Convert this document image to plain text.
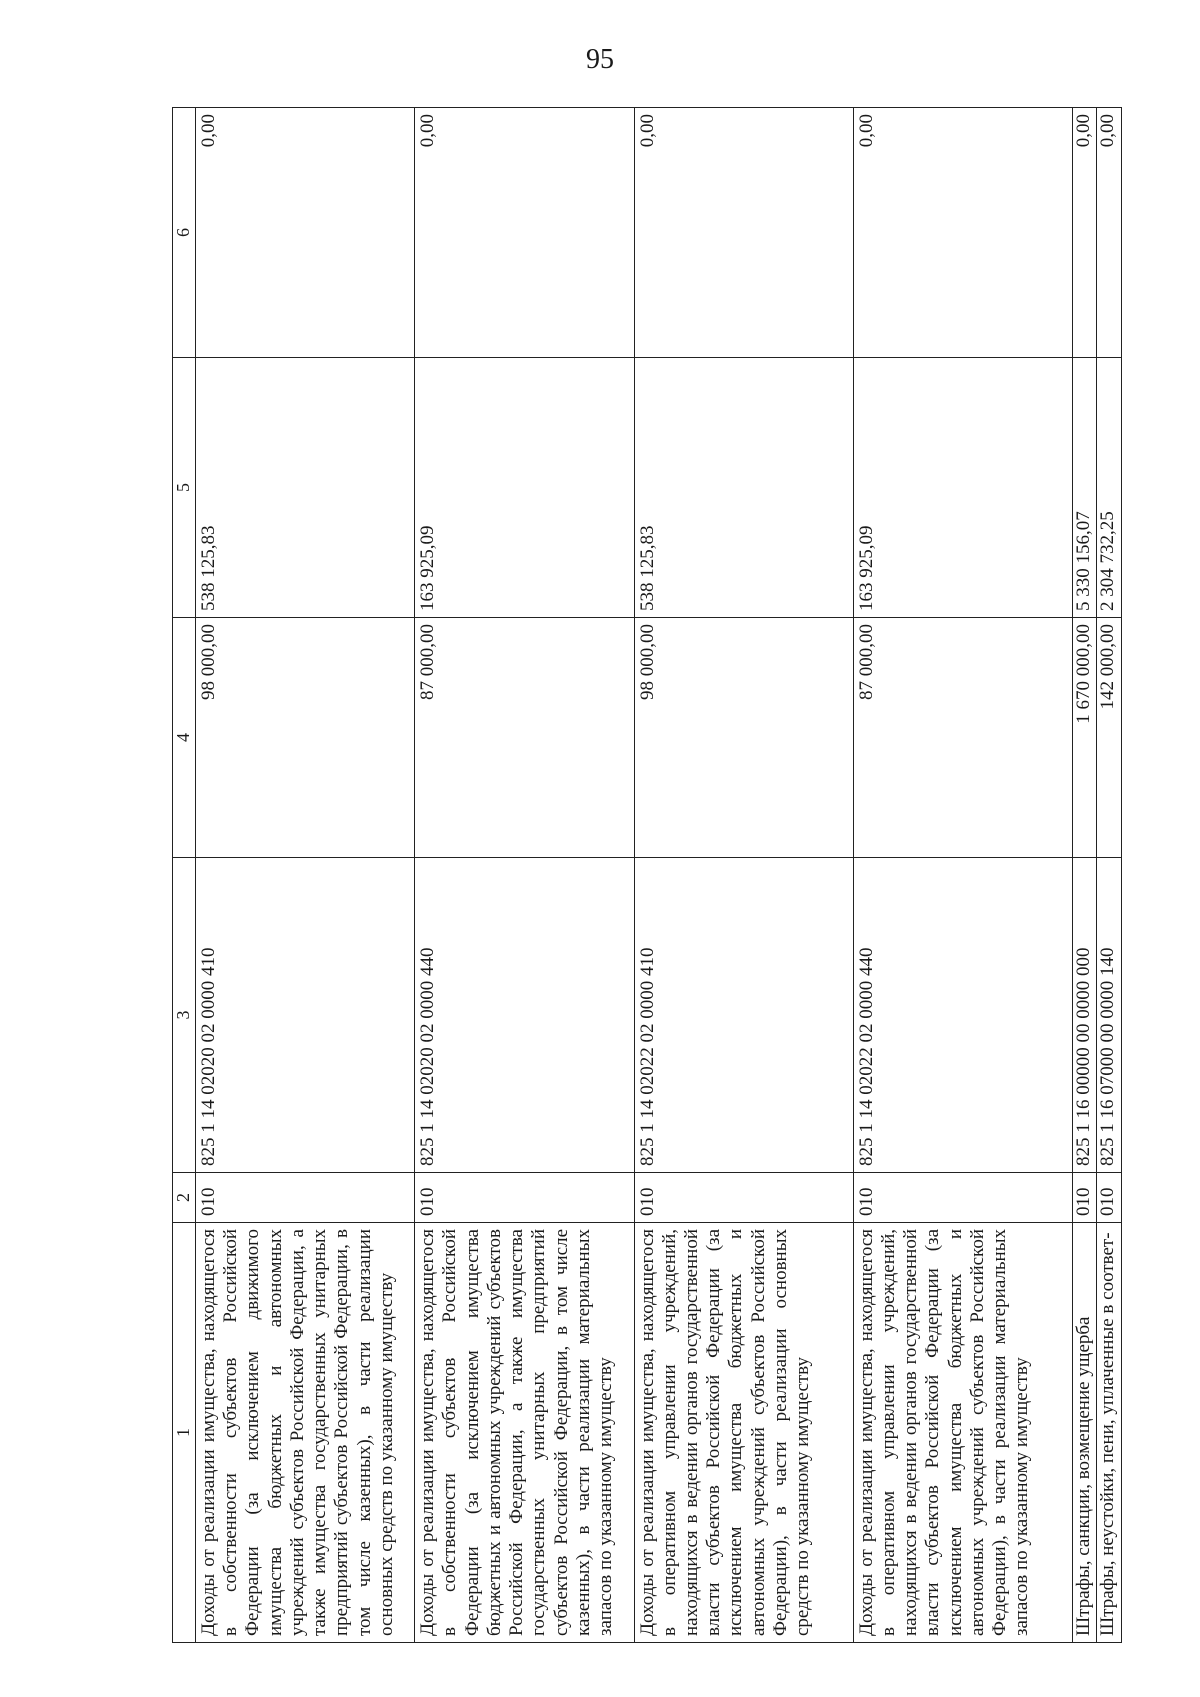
95
1	2	3	4	5	6
Доходы от реализации имущества, находящегося в собственности субъектов Российской Федерации (за исключением движимого имущества бюджетных и автономных учреждений субъектов Российской Федерации, а также имущества государственных унитарных предприятий субъектов Российской Федерации, в том числе казенных), в части реализации основных средств по указанному имуществу	010	825 1 14 02020 02 0000 410	98 000,00	538 125,83	0,00
Доходы от реализации имущества, находящегося в собственности субъектов Российской Федерации (за исключением имущества бюджетных и автономных учреждений субъектов Российской Федерации, а также имущества государственных унитарных предприятий субъектов Российской Федерации, в том числе казенных), в части реализации материальных запасов по указанному имуществу	010	825 1 14 02020 02 0000 440	87 000,00	163 925,09	0,00
Доходы от реализации имущества, находящегося в оперативном управлении учреждений, находящихся в ведении органов государственной власти субъектов Российской Федерации (за исключением имущества бюджетных и автономных учреждений субъектов Российской Федерации), в части реализации основных средств по указанному имуществу	010	825 1 14 02022 02 0000 410	98 000,00	538 125,83	0,00
Доходы от реализации имущества, находящегося в оперативном управлении учреждений, находящихся в ведении органов государственной власти субъектов Российской Федерации (за исключением имущества бюджетных и автономных учреждений субъектов Российской Федерации), в части реализации материальных запасов по указанному имуществу	010	825 1 14 02022 02 0000 440	87 000,00	163 925,09	0,00
Штрафы, санкции, возмещение ущерба	010	825 1 16 00000 00 0000 000	1 670 000,00	5 330 156,07	0,00
Штрафы, неустойки, пени, уплаченные в соответ-	010	825 1 16 07000 00 0000 140	142 000,00	2 304 732,25	0,00
